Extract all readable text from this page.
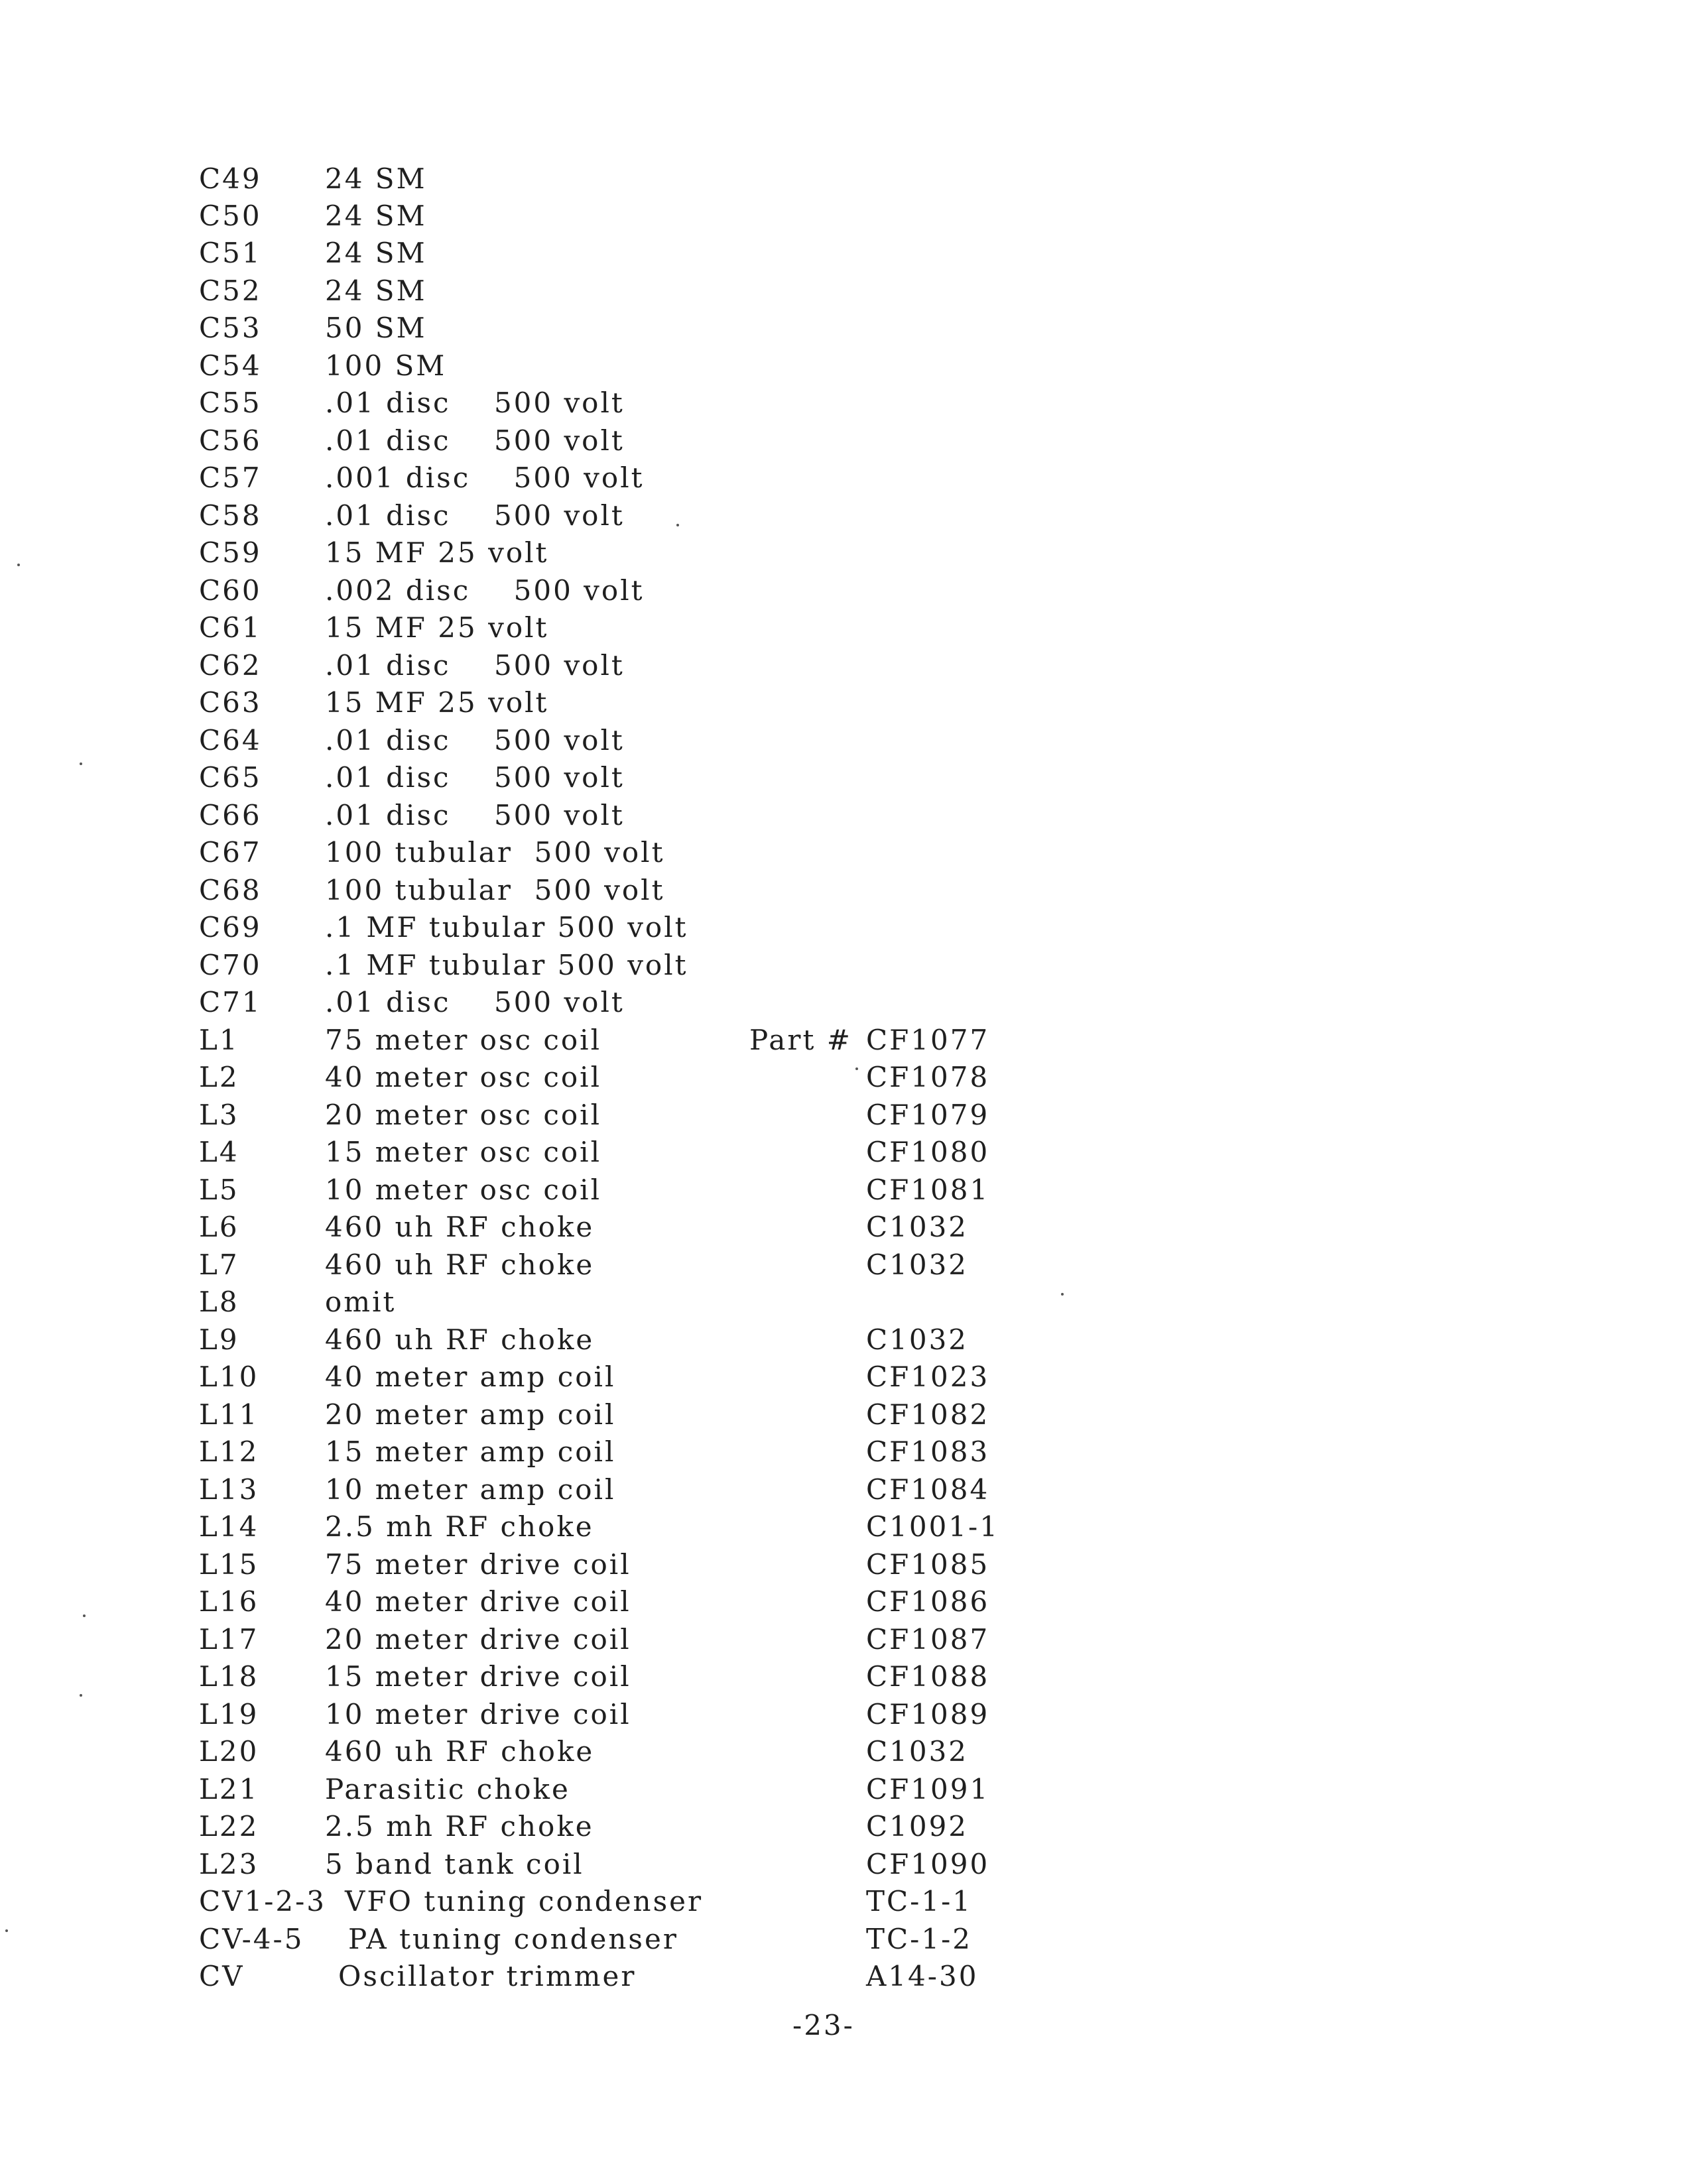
C49 24 SM
C50 24 SM
C51 24 SM
C52 24 SM
C53 50 SM
C54 100 SM
C55 .01 disc    500 volt
C56 .01 disc    500 volt
C57 .001 disc    500 volt
C58 .01 disc    500 volt
C59 15 MF 25 volt
C60 .002 disc    500 volt
C61 15 MF 25 volt
C62 .01 disc    500 volt
C63 15 MF 25 volt
C64 .01 disc    500 volt
C65 .01 disc    500 volt
C66 .01 disc    500 volt
C67 100 tubular  500 volt
C68 100 tubular  500 volt
C69 .1 MF tubular 500 volt
C70 .1 MF tubular 500 volt
C71 .01 disc    500 volt
L1	75 meter osc coil	Part # CF1077
L2	40 meter osc coil	CF1078
L3	20 meter osc coil	CF1079
L4	15 meter osc coil	CF1080
L5	10 meter osc coil	CF1081
L6	460 uh RF choke	C1032
L7	460 uh RF choke	C1032
L8	omit
L9	460 uh RF choke	C1032
L10 40 meter amp coil	CF1023
L11 20 meter amp coil	CF1082
L12 15 meter amp coil	CF1083
L13 10 meter amp coil	CF1084
L14 2.5 mh RF choke	C1001-1
L15 75 meter drive coil	CF1085
L16 40 meter drive coil	CF1086
L17 20 meter drive coil	CF1087
L18 15 meter drive coil	CF1088
L19 10 meter drive coil	CF1089
L20 460 uh RF choke	C1032
L21 Parasitic choke	CF1091
L22 2.5 mh RF choke	C1092
L23 5 band tank coil	CF1090
CV1-2-3 VFO tuning condenser	TC-1-1
CV-4-5 PA tuning condenser	TC-1-2
CV	Oscillator trimmer	A14-30
-23-
